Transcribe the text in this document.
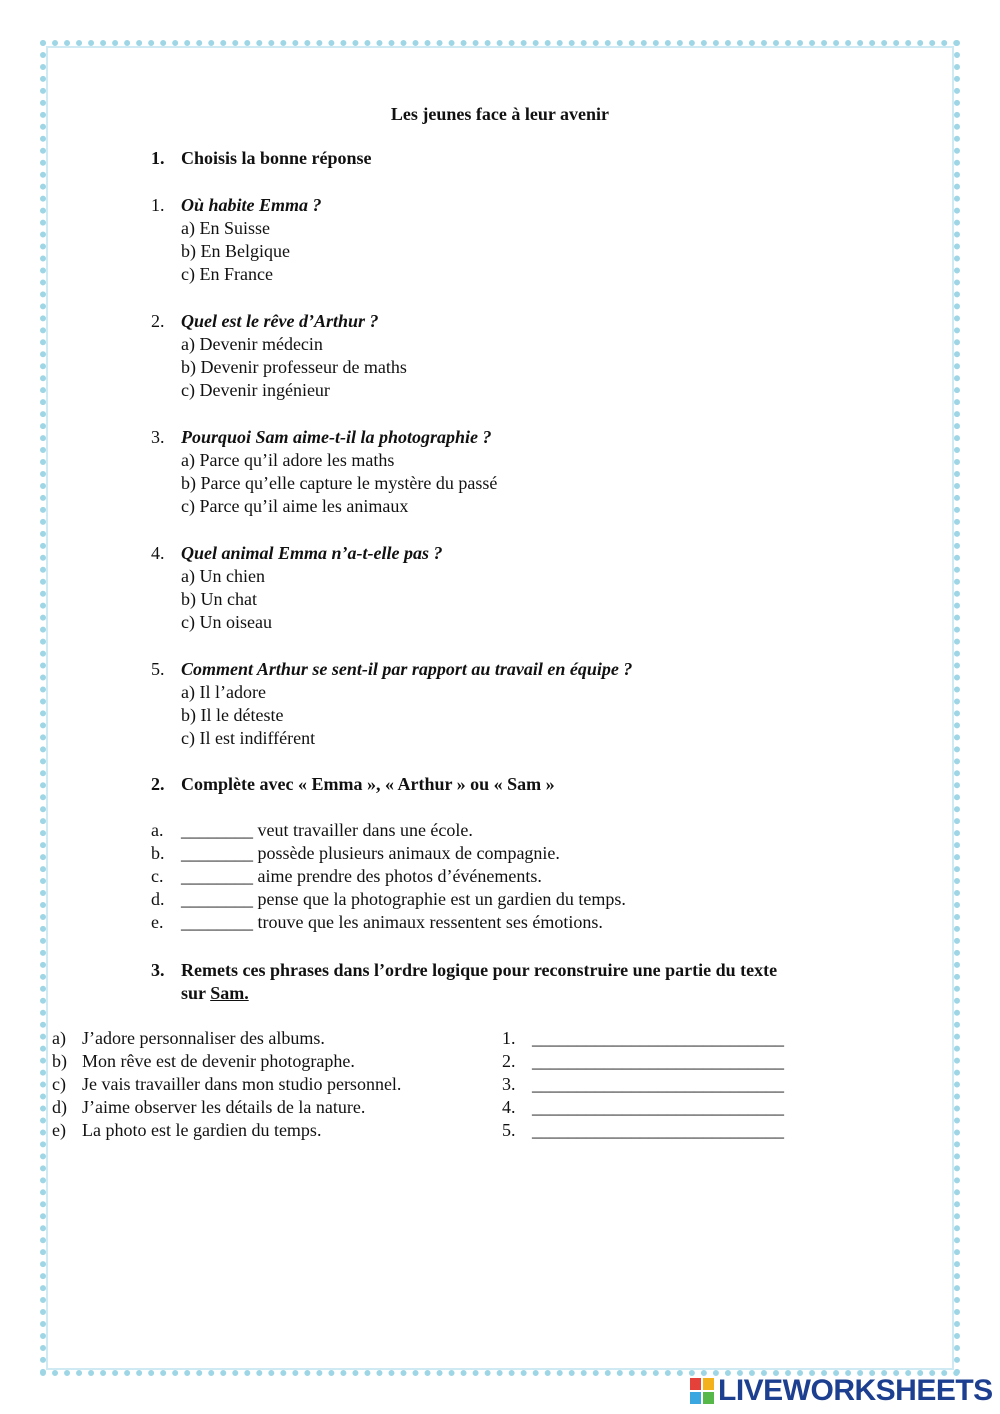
Les jeunes face à leur avenir
1. Choisis la bonne réponse
1. Où habite Emma ?
a) En Suisse
b) En Belgique
c) En France
2. Quel est le rêve d’Arthur ?
a) Devenir médecin
b) Devenir professeur de maths
c) Devenir ingénieur
3. Pourquoi Sam aime-t-il la photographie ?
a) Parce qu’il adore les maths
b) Parce qu’elle capture le mystère du passé
c) Parce qu’il aime les animaux
4. Quel animal Emma n’a-t-elle pas ?
a) Un chien
b) Un chat
c) Un oiseau
5. Comment Arthur se sent-il par rapport au travail en équipe ?
a) Il l’adore
b) Il le déteste
c) Il est indifférent
2. Complète avec « Emma », « Arthur » ou « Sam »
a. ________ veut travailler dans une école.
b. ________ possède plusieurs animaux de compagnie.
c. ________ aime prendre des photos d’événements.
d. ________ pense que la photographie est un gardien du temps.
e. ________ trouve que les animaux ressentent ses émotions.
3. Remets ces phrases dans l’ordre logique pour reconstruire une partie du texte
sur Sam.
a) J’adore personnaliser des albums.
b) Mon rêve est de devenir photographe.
c) Je vais travailler dans mon studio personnel.
d) J’aime observer les détails de la nature.
e) La photo est le gardien du temps.
1. ____________________________
2. ____________________________
3. ____________________________
4. ____________________________
5. ____________________________
LIVEWORKSHEETS
